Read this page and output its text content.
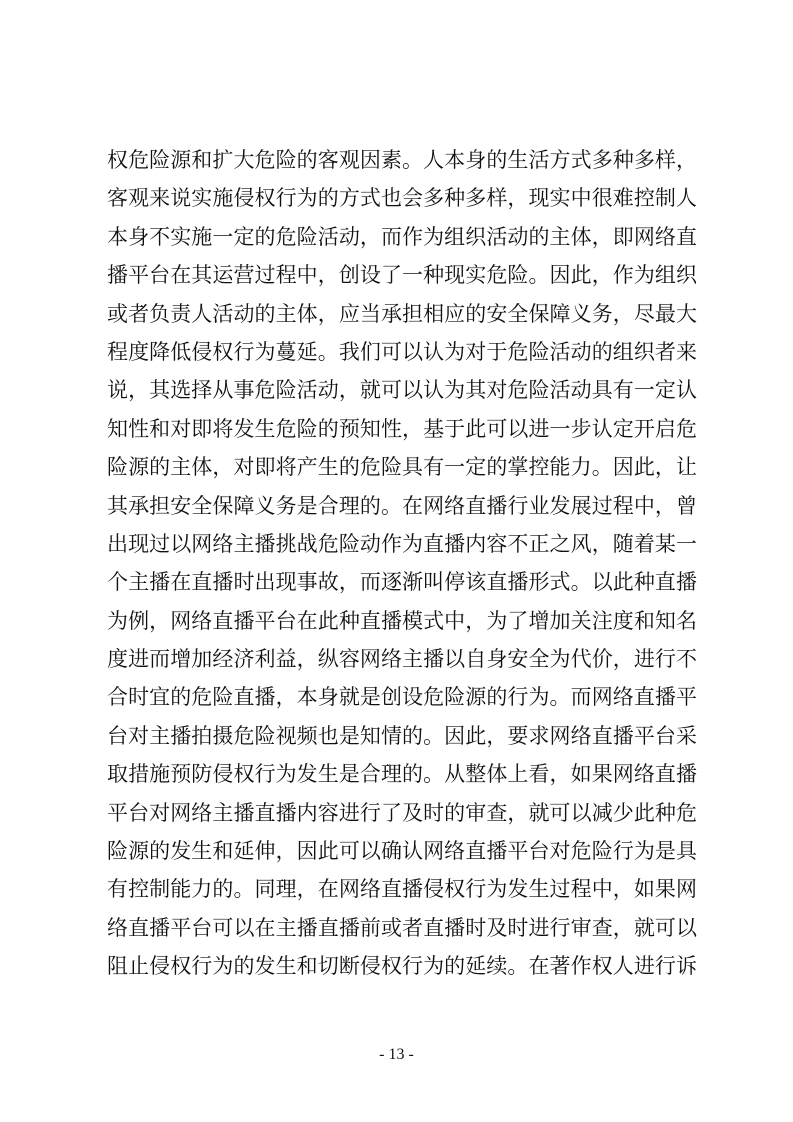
权危险源和扩大危险的客观因素。人本身的生活方式多种多样，
客观来说实施侵权行为的方式也会多种多样，现实中很难控制人
本身不实施一定的危险活动，而作为组织活动的主体，即网络直
播平台在其运营过程中，创设了一种现实危险。因此，作为组织
或者负责人活动的主体，应当承担相应的安全保障义务，尽最大
程度降低侵权行为蔓延。我们可以认为对于危险活动的组织者来
说，其选择从事危险活动，就可以认为其对危险活动具有一定认
知性和对即将发生危险的预知性，基于此可以进一步认定开启危
险源的主体，对即将产生的危险具有一定的掌控能力。因此，让
其承担安全保障义务是合理的。在网络直播行业发展过程中，曾
出现过以网络主播挑战危险动作为直播内容不正之风，随着某一
个主播在直播时出现事故，而逐渐叫停该直播形式。以此种直播
为例，网络直播平台在此种直播模式中，为了增加关注度和知名
度进而增加经济利益，纵容网络主播以自身安全为代价，进行不
合时宜的危险直播，本身就是创设危险源的行为。而网络直播平
台对主播拍摄危险视频也是知情的。因此，要求网络直播平台采
取措施预防侵权行为发生是合理的。从整体上看，如果网络直播
平台对网络主播直播内容进行了及时的审查，就可以减少此种危
险源的发生和延伸，因此可以确认网络直播平台对危险行为是具
有控制能力的。同理，在网络直播侵权行为发生过程中，如果网
络直播平台可以在主播直播前或者直播时及时进行审查，就可以
阻止侵权行为的发生和切断侵权行为的延续。在著作权人进行诉
- 13 -
